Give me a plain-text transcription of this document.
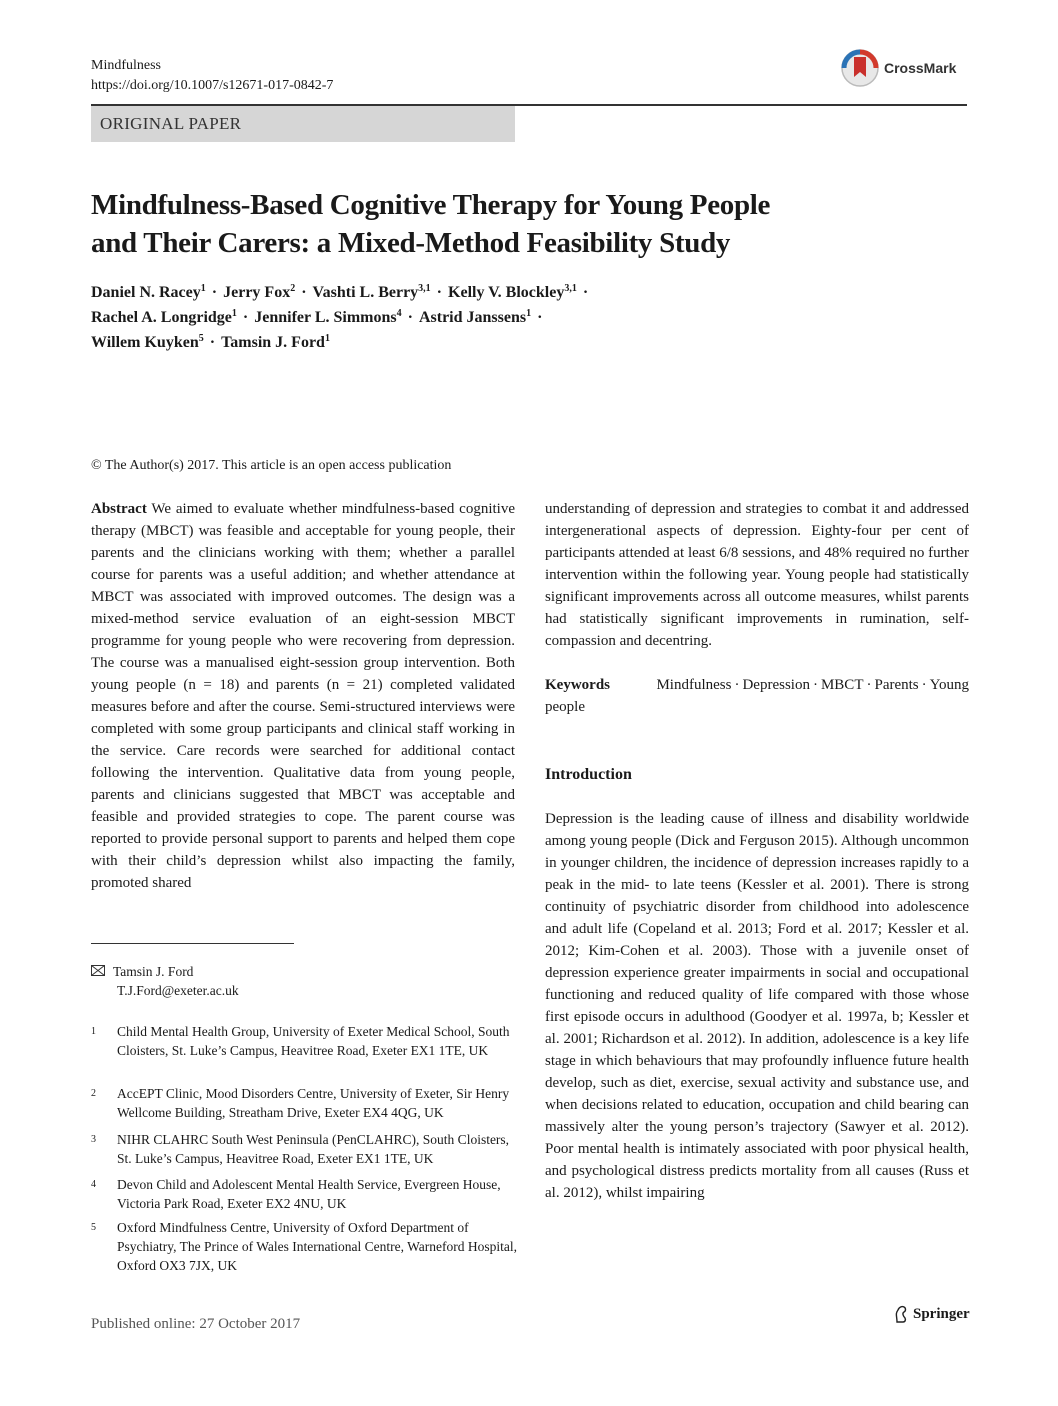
Mindfulness
https://doi.org/10.1007/s12671-017-0842-7
CrossMark
ORIGINAL PAPER
Mindfulness-Based Cognitive Therapy for Young People
and Their Carers: a Mixed-Method Feasibility Study
Daniel N. Racey$^1$ · Jerry Fox$^2$ · Vashti L. Berry$^{3,1}$ · Kelly V. Blockley$^{3,1}$ ·
Rachel A. Longridge$^1$ · Jennifer L. Simmons$^4$ · Astrid Janssens$^1$ ·
Willem Kuyken$^5$ · Tamsin J. Ford$^1$
© The Author(s) 2017. This article is an open access publication
Abstract We aimed to evaluate whether mindfulness-based cognitive therapy (MBCT) was feasible and acceptable for young people, their parents and the clinicians working with them; whether a parallel course for parents was a useful addition; and whether attendance at MBCT was associated with improved outcomes. The design was a mixed-method service evaluation of an eight-session MBCT programme for young people who were recovering from depression. The course was a manualised eight-session group intervention. Both young people (n = 18) and parents (n = 21) completed validated measures before and after the course. Semi-structured interviews were completed with some group participants and clinical staff working in the service. Care records were searched for additional contact following the intervention. Qualitative data from young people, parents and clinicians suggested that MBCT was acceptable and feasible and provided strategies to cope. The parent course was reported to provide personal support to parents and helped them cope with their child’s depression whilst also impacting the family, promoted shared
understanding of depression and strategies to combat it and addressed intergenerational aspects of depression. Eighty-four per cent of participants attended at least 6/8 sessions, and 48% required no further intervention within the following year. Young people had statistically significant improvements across all outcome measures, whilst parents had statistically significant improvements in rumination, self-compassion and decentring.
Keywords	Mindfulness · Depression · MBCT · Parents · Young people
Introduction
Depression is the leading cause of illness and disability worldwide among young people (Dick and Ferguson 2015). Although uncommon in younger children, the incidence of depression increases rapidly to a peak in the mid- to late teens (Kessler et al. 2001). There is strong continuity of psychiatric disorder from childhood into adolescence and adult life (Copeland et al. 2013; Ford et al. 2017; Kessler et al. 2012; Kim-Cohen et al. 2003). Those with a juvenile onset of depression experience greater impairments in social and occupational functioning and reduced quality of life compared with those whose first episode occurs in adulthood (Goodyer et al. 1997a, b; Kessler et al. 2001; Richardson et al. 2012). In addition, adolescence is a key life stage in which behaviours that may profoundly influence future health develop, such as diet, exercise, sexual activity and substance use, and when decisions related to education, occupation and child bearing can massively alter the young person’s trajectory (Sawyer et al. 2012). Poor mental health is intimately associated with poor physical health, and psychological distress predicts mortality from all causes (Russ et al. 2012), whilst impairing
Tamsin J. Ford
T.J.Ford@exeter.ac.uk
1 Child Mental Health Group, University of Exeter Medical School, South Cloisters, St. Luke’s Campus, Heavitree Road, Exeter EX1 1TE, UK
2 AccEPT Clinic, Mood Disorders Centre, University of Exeter, Sir Henry Wellcome Building, Streatham Drive, Exeter EX4 4QG, UK
3 NIHR CLAHRC South West Peninsula (PenCLAHRC), South Cloisters, St. Luke’s Campus, Heavitree Road, Exeter EX1 1TE, UK
4 Devon Child and Adolescent Mental Health Service, Evergreen House, Victoria Park Road, Exeter EX2 4NU, UK
5 Oxford Mindfulness Centre, University of Oxford Department of Psychiatry, The Prince of Wales International Centre, Warneford Hospital, Oxford OX3 7JX, UK
Published online: 27 October 2017
Springer
